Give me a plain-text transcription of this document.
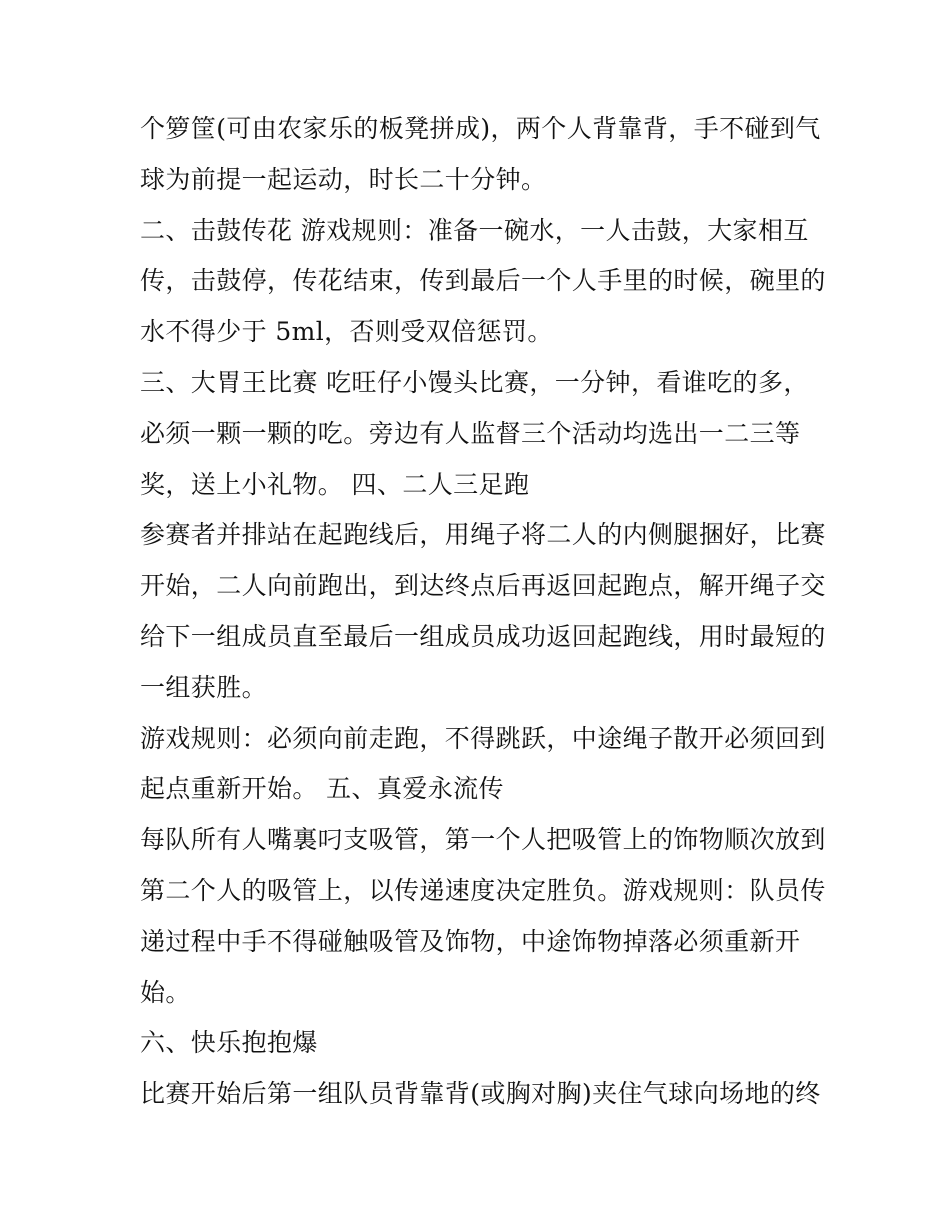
个箩筐(可由农家乐的板凳拼成)，两个人背靠背，手不碰到气
球为前提一起运动，时长二十分钟。
二、击鼓传花 游戏规则：准备一碗水，一人击鼓，大家相互
传，击鼓停，传花结束，传到最后一个人手里的时候，碗里的
水不得少于 5ml，否则受双倍惩罚。
三、大胃王比赛 吃旺仔小馒头比赛，一分钟，看谁吃的多，
必须一颗一颗的吃。旁边有人监督三个活动均选出一二三等
奖，送上小礼物。 四、二人三足跑
参赛者并排站在起跑线后，用绳子将二人的内侧腿捆好，比赛
开始，二人向前跑出，到达终点后再返回起跑点，解开绳子交
给下一组成员直至最后一组成员成功返回起跑线，用时最短的
一组获胜。
游戏规则：必须向前走跑，不得跳跃，中途绳子散开必须回到
起点重新开始。 五、真爱永流传
每队所有人嘴裏叼支吸管，第一个人把吸管上的饰物顺次放到
第二个人的吸管上，以传递速度决定胜负。游戏规则：队员传
递过程中手不得碰触吸管及饰物，中途饰物掉落必须重新开
始。
六、快乐抱抱爆
比赛开始后第一组队员背靠背(或胸对胸)夹住气球向场地的终
